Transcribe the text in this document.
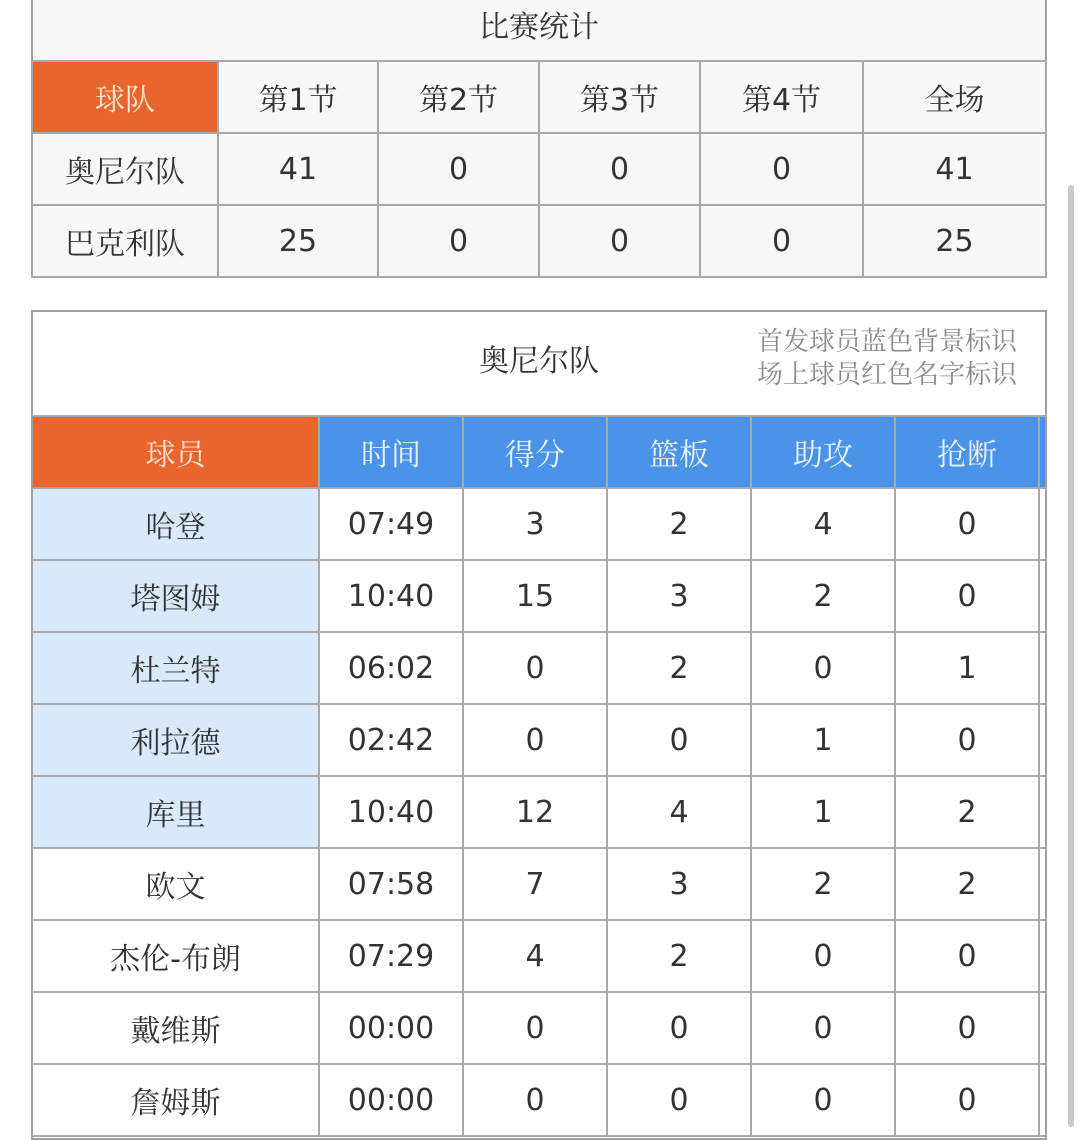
比赛统计
球队	第1节	第2节	第3节	第4节	全场
奥尼尔队	41	0	0	0	41
巴克利队	25	0	0	0	25
奥尼尔队
首发球员蓝色背景标识
场上球员红色名字标识
球员	时间	得分	篮板	助攻	抢断	
哈登	07:49	3	2	4	0	
塔图姆	10:40	15	3	2	0	
杜兰特	06:02	0	2	0	1	
利拉德	02:42	0	0	1	0	
库里	10:40	12	4	1	2	
欧文	07:58	7	3	2	2	
杰伦-布朗	07:29	4	2	0	0	
戴维斯	00:00	0	0	0	0	
詹姆斯	00:00	0	0	0	0	
